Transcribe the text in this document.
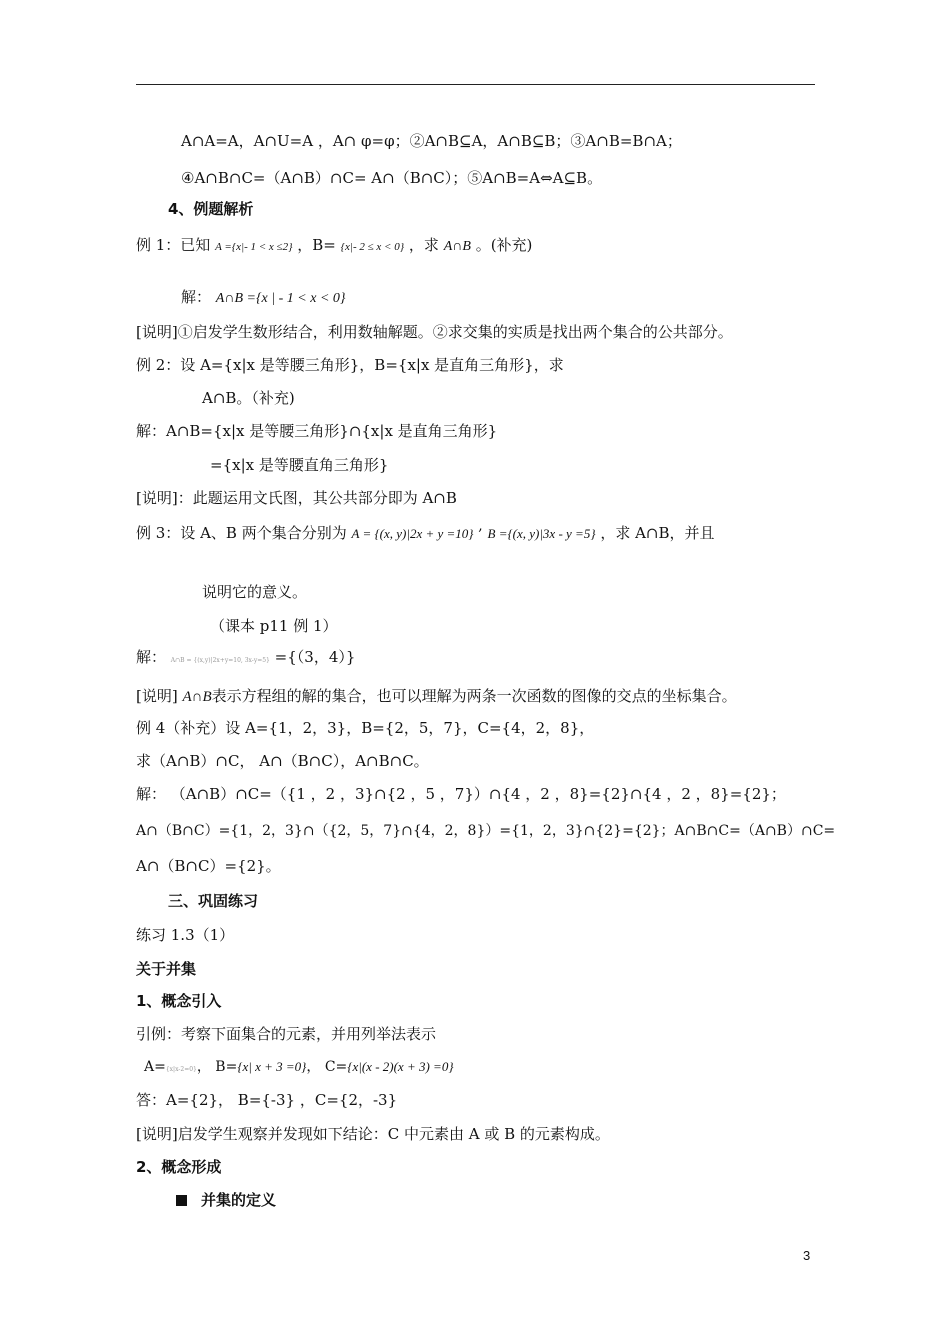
A∩A=A，A∩U=A ，A∩ φ=φ；②A∩B⊆A，A∩B⊆B；③A∩B=B∩A；
④A∩B∩C=（A∩B）∩C= A∩（B∩C）；⑤A∩B=A⇔A⊆B。
4、例题解析
例 1：已知 A ={x|- 1 < x ≤2} ，B= {x|- 2 ≤ x < 0} ，求 A∩B 。(补充)
解： A∩B ={x | - 1 < x < 0}
[说明]①启发学生数形结合，利用数轴解题。②求交集的实质是找出两个集合的公共部分。
例 2：设 A={x|x 是等腰三角形}，B={x|x 是直角三角形}，求
A∩B。（补充)
解：A∩B={x|x 是等腰三角形}∩{x|x 是直角三角形}
={x|x 是等腰直角三角形}
[说明]：此题运用文氏图，其公共部分即为 A∩B
例 3：设 A、B 两个集合分别为 A = {(x, y)|2x + y =10} , B ={(x, y)|3x - y =5} ，求 A∩B，并且
说明它的意义。
（课本 p11 例 1）
解： A∩B = {(x,y)|2x+y=10, 3x-y=5} ={（3，4）}
[说明] A∩B表示方程组的解的集合，也可以理解为两条一次函数的图像的交点的坐标集合。
例 4（补充）设 A={1，2，3}，B={2，5，7}，C={4，2，8}，
求（A∩B）∩C， A∩（B∩C），A∩B∩C。
解： （A∩B）∩C=（{1 ，2 ，3}∩{2 ，5 ，7}）∩{4 ，2 ，8}={2}∩{4 ，2 ，8}={2}；
A∩（B∩C）={1，2，3}∩（{2，5，7}∩{4，2，8}）={1，2，3}∩{2}={2}；A∩B∩C=（A∩B）∩C=
A∩（B∩C）={2}。
三、巩固练习
练习 1.3（1）
关于并集
1、概念引入
引例：考察下面集合的元素，并用列举法表示
A={x|x-2=0}， B={x| x + 3 =0}， C={x|(x - 2)(x + 3) =0}
答：A={2}， B={-3} ，C={2，-3}
[说明]启发学生观察并发现如下结论：C 中元素由 A 或 B 的元素构成。
2、概念形成
并集的定义
3
